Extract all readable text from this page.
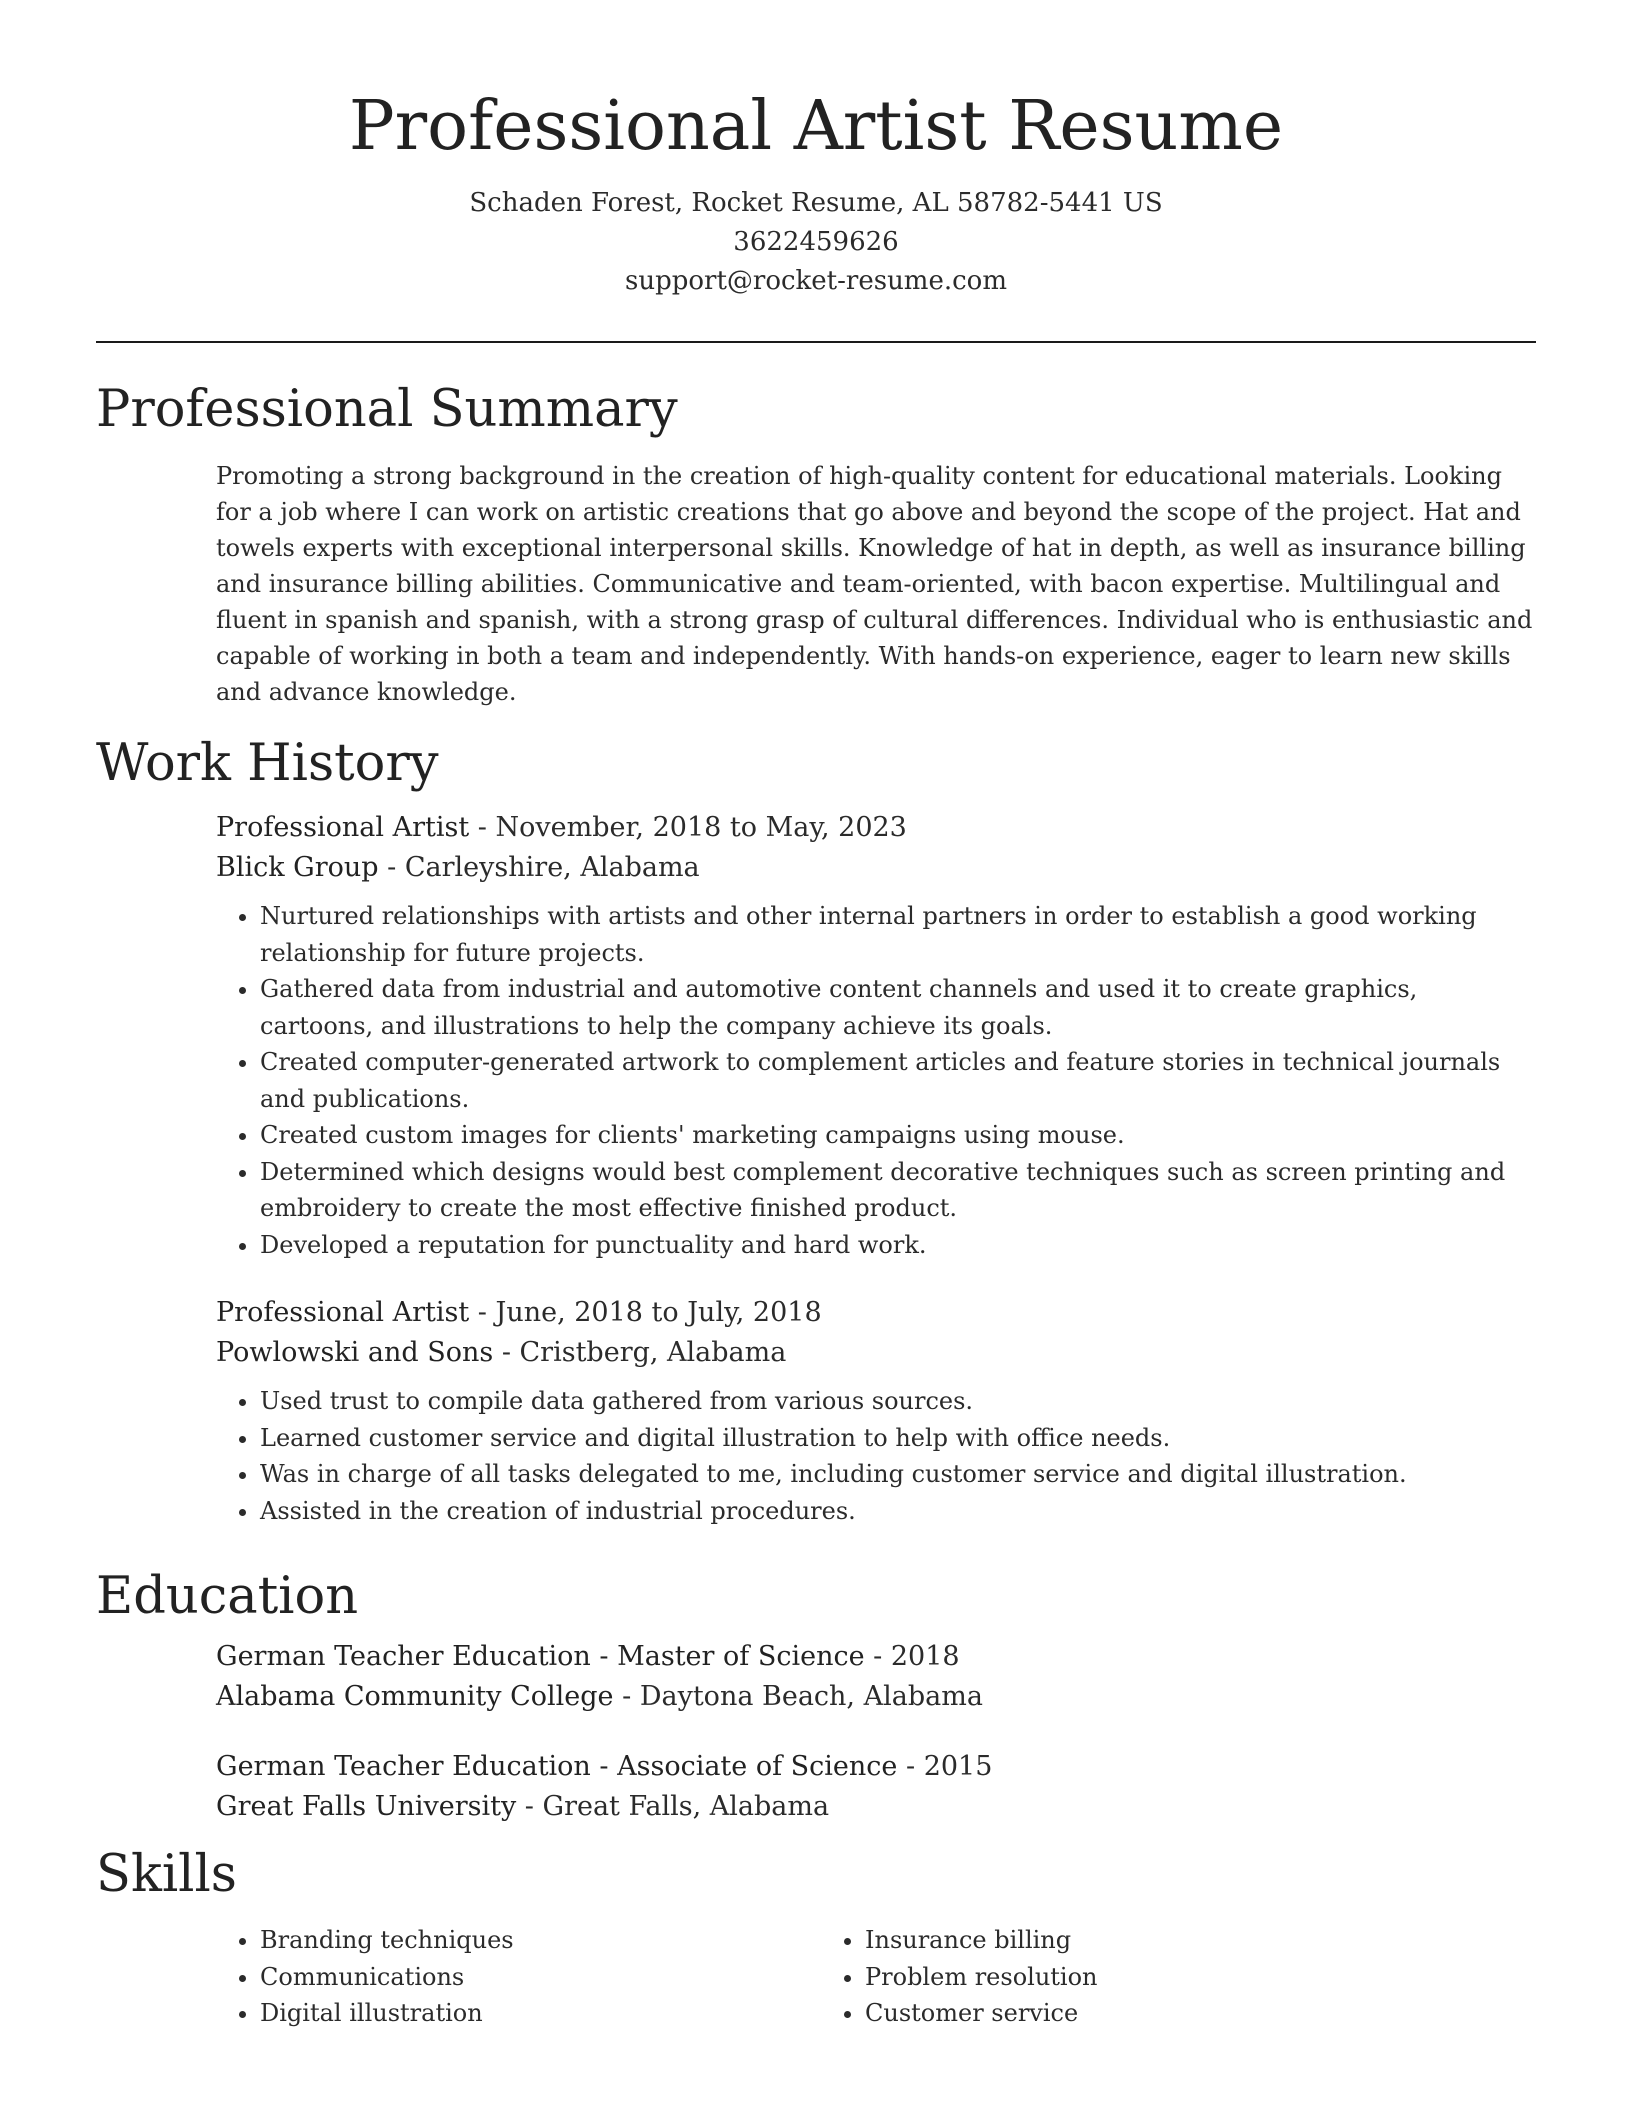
Professional Artist Resume
Schaden Forest, Rocket Resume, AL 58782-5441 US
3622459626
support@rocket-resume.com
Professional Summary

Promoting a strong background in the creation of high-quality content for educational materials. Looking for a job where I can work on artistic creations that go above and beyond the scope of the project. Hat and towels experts with exceptional interpersonal skills. Knowledge of hat in depth, as well as insurance billing and insurance billing abilities. Communicative and team-oriented, with bacon expertise. Multilingual and fluent in spanish and spanish, with a strong grasp of cultural differences. Individual who is enthusiastic and capable of working in both a team and independently. With hands-on experience, eager to learn new skills and advance knowledge.

Work History
Professional Artist - November, 2018 to May, 2023
Blick Group - Carleyshire, Alabama
• Nurtured relationships with artists and other internal partners in order to establish a good working relationship for future projects.
• Gathered data from industrial and automotive content channels and used it to create graphics, cartoons, and illustrations to help the company achieve its goals.
• Created computer-generated artwork to complement articles and feature stories in technical journals and publications.
• Created custom images for clients' marketing campaigns using mouse.
• Determined which designs would best complement decorative techniques such as screen printing and embroidery to create the most effective finished product.
• Developed a reputation for punctuality and hard work.
Professional Artist - June, 2018 to July, 2018
Powlowski and Sons - Cristberg, Alabama
• Used trust to compile data gathered from various sources.
• Learned customer service and digital illustration to help with office needs.
• Was in charge of all tasks delegated to me, including customer service and digital illustration.
• Assisted in the creation of industrial procedures.
Education
German Teacher Education - Master of Science - 2018
Alabama Community College - Daytona Beach, Alabama
German Teacher Education - Associate of Science - 2015
Great Falls University - Great Falls, Alabama
Skills
• Branding techniques
• Communications
• Digital illustration
• Insurance billing
• Problem resolution
• Customer service
